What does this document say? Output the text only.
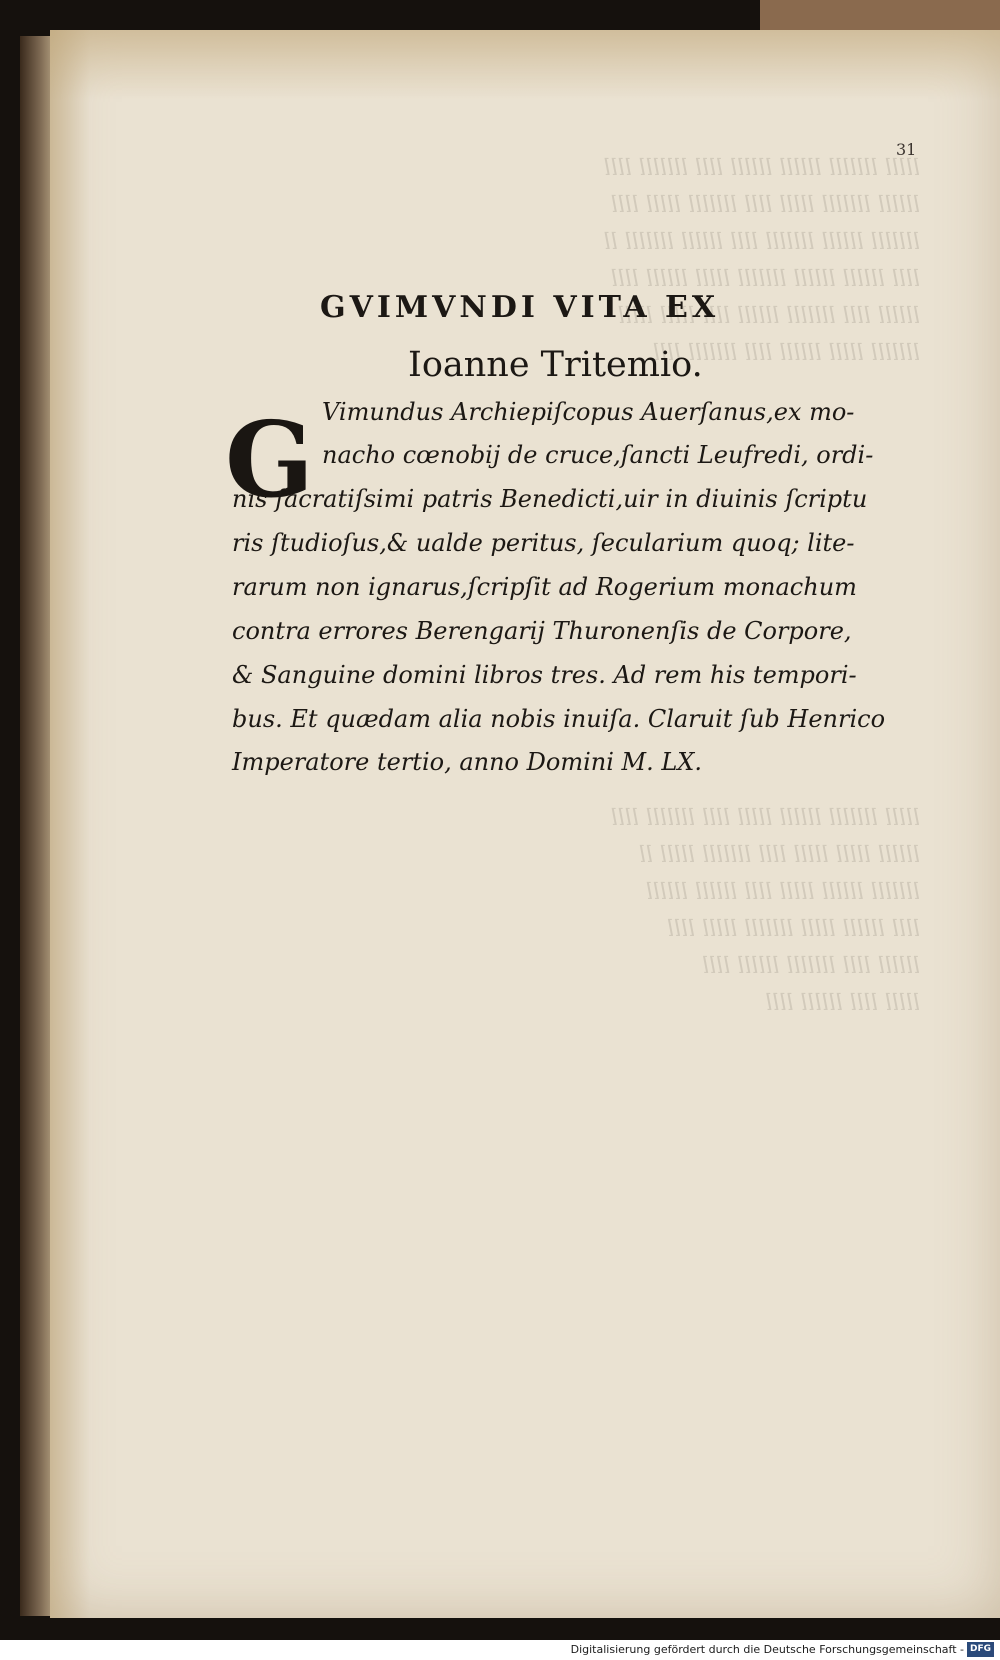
lllll lllllll llllll llllll llll lllllll llll
llllll lllllll lllll llll lllllll lllll llll
lllllll llllll lllllll llll llllll lllllll ll
llll llllll llllll lllllll lllll llllll llll
llllll llll lllllll llllll llll lllll lllll
lllllll lllll llllll llll lllllll llll
lllll lllllll llllll lllll llll lllllll llll
llllll lllll lllll llll lllllll lllll ll
lllllll llllll lllll llll llllll llllll
llll llllll lllll lllllll lllll llll
llllll llll lllllll llllll llll
lllll llll llllll llll
31
GVIMVNDI VITA EX
Ioanne Tritemio.
G Vimundus Archiepiſcopus Auerſanus,ex mo-
nacho cœnobij de cruce,ſancti Leufredi, ordi-
nis ſacratiſsimi patris Benedicti,uir in diuinis ſcriptu
ris ſtudioſus,& ualde peritus, ſecularium quoq; lite-
rarum non ignarus,ſcripſit ad Rogerium monachum
contra errores Berengarij Thuronenſis de Corpore,
& Sanguine domini libros tres. Ad rem his tempori-
bus. Et quædam alia nobis inuiſa. Claruit ſub Henrico
Imperatore tertio, anno Domini M. LX.
Digitalisierung gefördert durch die Deutsche Forschungsgemeinschaft - DFG
